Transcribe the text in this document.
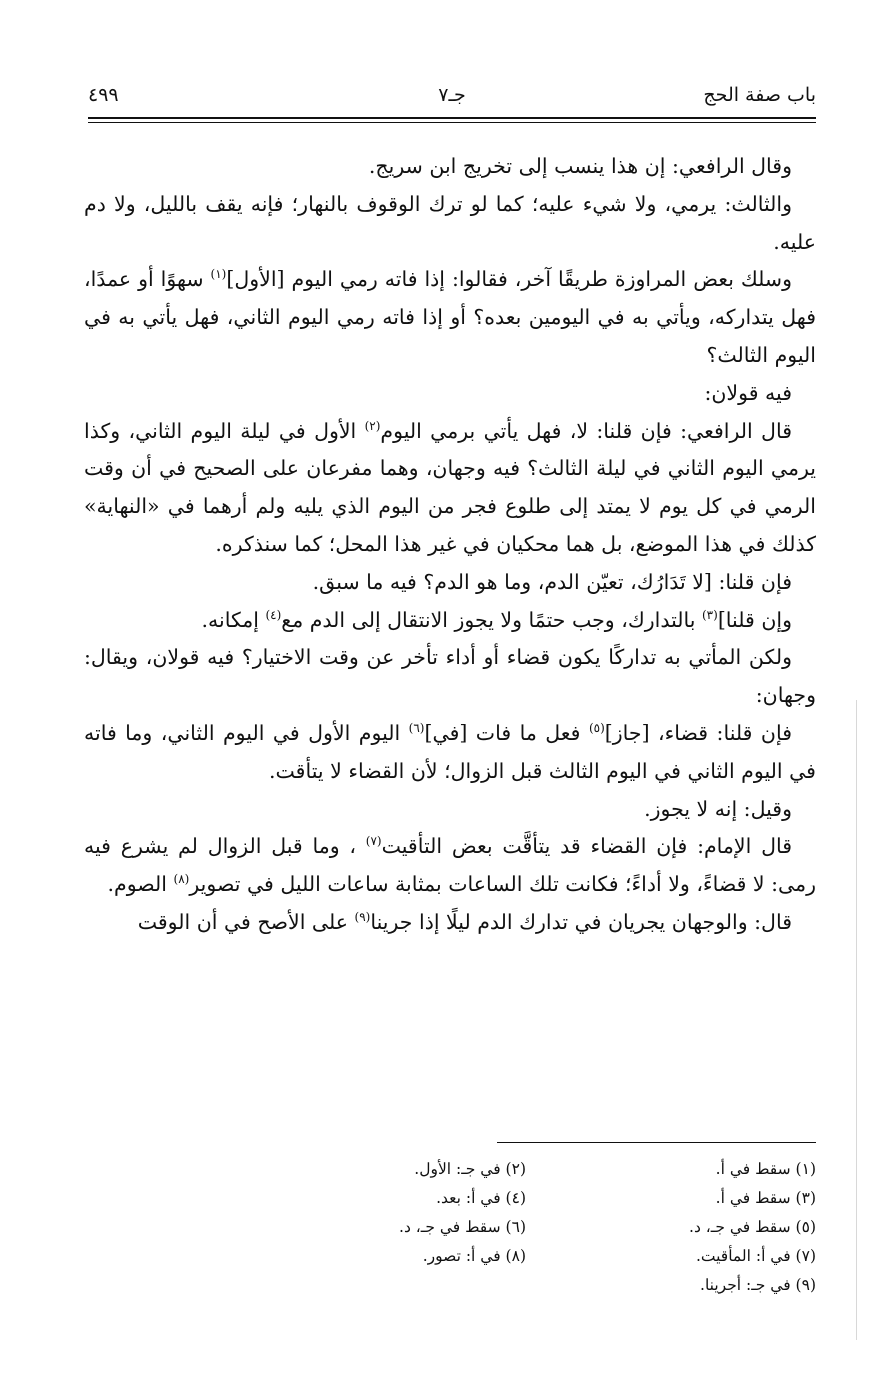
باب صفة الحج
جـ٧
٤٩٩

وقال الرافعي: إن هذا ينسب إلى تخريج ابن سريج.

والثالث: يرمي، ولا شيء عليه؛ كما لو ترك الوقوف بالنهار؛ فإنه يقف بالليل، ولا دم عليه.

وسلك بعض المراوزة طريقًا آخر، فقالوا: إذا فاته رمي اليوم [الأول]$^{(١)}$ سهوًا أو عمدًا، فهل يتداركه، ويأتي به في اليومين بعده؟ أو إذا فاته رمي اليوم الثاني، فهل يأتي به في اليوم الثالث؟

فيه قولان:

قال الرافعي: فإن قلنا: لا، فهل يأتي برمي اليوم$^{(٢)}$ الأول في ليلة اليوم الثاني، وكذا يرمي اليوم الثاني في ليلة الثالث؟ فيه وجهان، وهما مفرعان على الصحيح في أن وقت الرمي في كل يوم لا يمتد إلى طلوع فجر من اليوم الذي يليه ولم أرهما في «النهاية» كذلك في هذا الموضع، بل هما محكيان في غير هذا المحل؛ كما سنذكره.

فإن قلنا: [لا تَدَارُك، تعيّن الدم، وما هو الدم؟ فيه ما سبق.

وإن قلنا]$^{(٣)}$ بالتدارك، وجب حتمًا ولا يجوز الانتقال إلى الدم مع$^{(٤)}$ إمكانه.

ولكن المأتي به تداركًا يكون قضاء أو أداء تأخر عن وقت الاختيار؟ فيه قولان، ويقال: وجهان:

فإن قلنا: قضاء، [جاز]$^{(٥)}$ فعل ما فات [في]$^{(٦)}$ اليوم الأول في اليوم الثاني، وما فاته في اليوم الثاني في اليوم الثالث قبل الزوال؛ لأن القضاء لا يتأقت.

وقيل: إنه لا يجوز.

قال الإمام: فإن القضاء قد يتأقَّت بعض التأقيت$^{(٧)}$ ، وما قبل الزوال لم يشرع فيه رمى: لا قضاءً، ولا أداءً؛ فكانت تلك الساعات بمثابة ساعات الليل في تصوير$^{(٨)}$ الصوم.

قال: والوجهان يجريان في تدارك الدم ليلًا إذا جرينا$^{(٩)}$ على الأصح في أن الوقت

(١) سقط في أ.
(٢) في جـ: الأول.
(٣) سقط في أ.
(٤) في أ: بعد.
(٥) سقط في جـ، د.
(٦) سقط في جـ، د.
(٧) في أ: المأقيت.
(٨) في أ: تصور.
(٩) في جـ: أجرينا.
